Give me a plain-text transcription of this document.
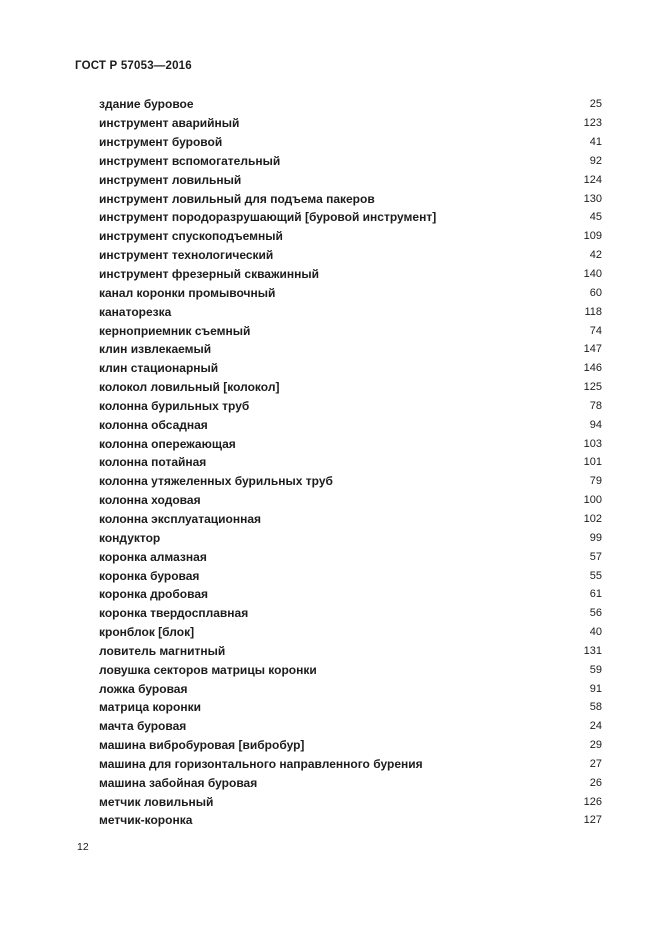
ГОСТ Р 57053—2016
здание буровое	25
инструмент аварийный	123
инструмент буровой	41
инструмент вспомогательный	92
инструмент ловильный	124
инструмент ловильный для подъема пакеров	130
инструмент породоразрушающий [буровой инструмент]	45
инструмент спускоподъемный	109
инструмент технологический	42
инструмент фрезерный скважинный	140
канал коронки промывочный	60
канаторезка	118
керноприемник съемный	74
клин извлекаемый	147
клин стационарный	146
колокол ловильный [колокол]	125
колонна бурильных труб	78
колонна обсадная	94
колонна опережающая	103
колонна потайная	101
колонна утяжеленных бурильных труб	79
колонна ходовая	100
колонна эксплуатационная	102
кондуктор	99
коронка алмазная	57
коронка буровая	55
коронка дробовая	61
коронка твердосплавная	56
кронблок [блок]	40
ловитель магнитный	131
ловушка секторов матрицы коронки	59
ложка буровая	91
матрица коронки	58
мачта буровая	24
машина вибробуровая [вибробур]	29
машина для горизонтального направленного бурения	27
машина забойная буровая	26
метчик ловильный	126
метчик-коронка	127
12
